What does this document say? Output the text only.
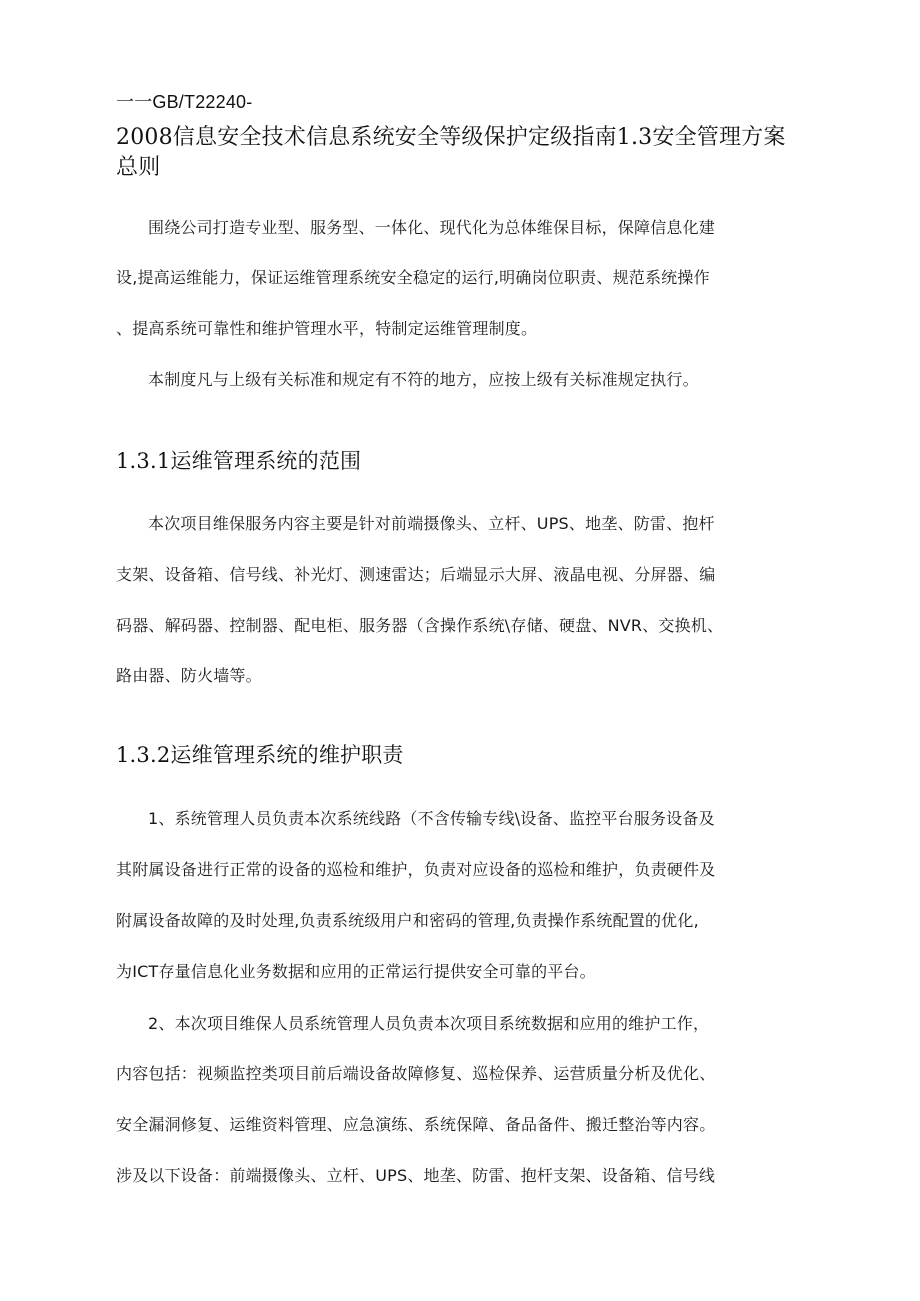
一一GB/T22240-
2008信息安全技术信息系统安全等级保护定级指南1.3安全管理方案
总则
围绕公司打造专业型、服务型、一体化、现代化为总体维保目标，保障信息化建
设,提高运维能力，保证运维管理系统安全稳定的运行,明确岗位职责、规范系统操作
、提高系统可靠性和维护管理水平，特制定运维管理制度。
本制度凡与上级有关标准和规定有不符的地方，应按上级有关标准规定执行。
1.3.1运维管理系统的范围
本次项目维保服务内容主要是针对前端摄像头、立杆、UPS、地垄、防雷、抱杆
支架、设备箱、信号线、补光灯、测速雷达；后端显示大屏、液晶电视、分屏器、编
码器、解码器、控制器、配电柜、服务器（含操作系统\存储、硬盘、NVR、交换机、
路由器、防火墙等。
1.3.2运维管理系统的维护职责
1、系统管理人员负责本次系统线路（不含传输专线\设备、监控平台服务设备及
其附属设备进行正常的设备的巡检和维护，负责对应设备的巡检和维护，负责硬件及
附属设备故障的及时处理,负责系统级用户和密码的管理,负责操作系统配置的优化,
为ICT存量信息化业务数据和应用的正常运行提供安全可靠的平台。
2、本次项目维保人员系统管理人员负责本次项目系统数据和应用的维护工作，
内容包括：视频监控类项目前后端设备故障修复、巡检保养、运营质量分析及优化、
安全漏洞修复、运维资料管理、应急演练、系统保障、备品备件、搬迁整治等内容。
涉及以下设备：前端摄像头、立杆、UPS、地垄、防雷、抱杆支架、设备箱、信号线
